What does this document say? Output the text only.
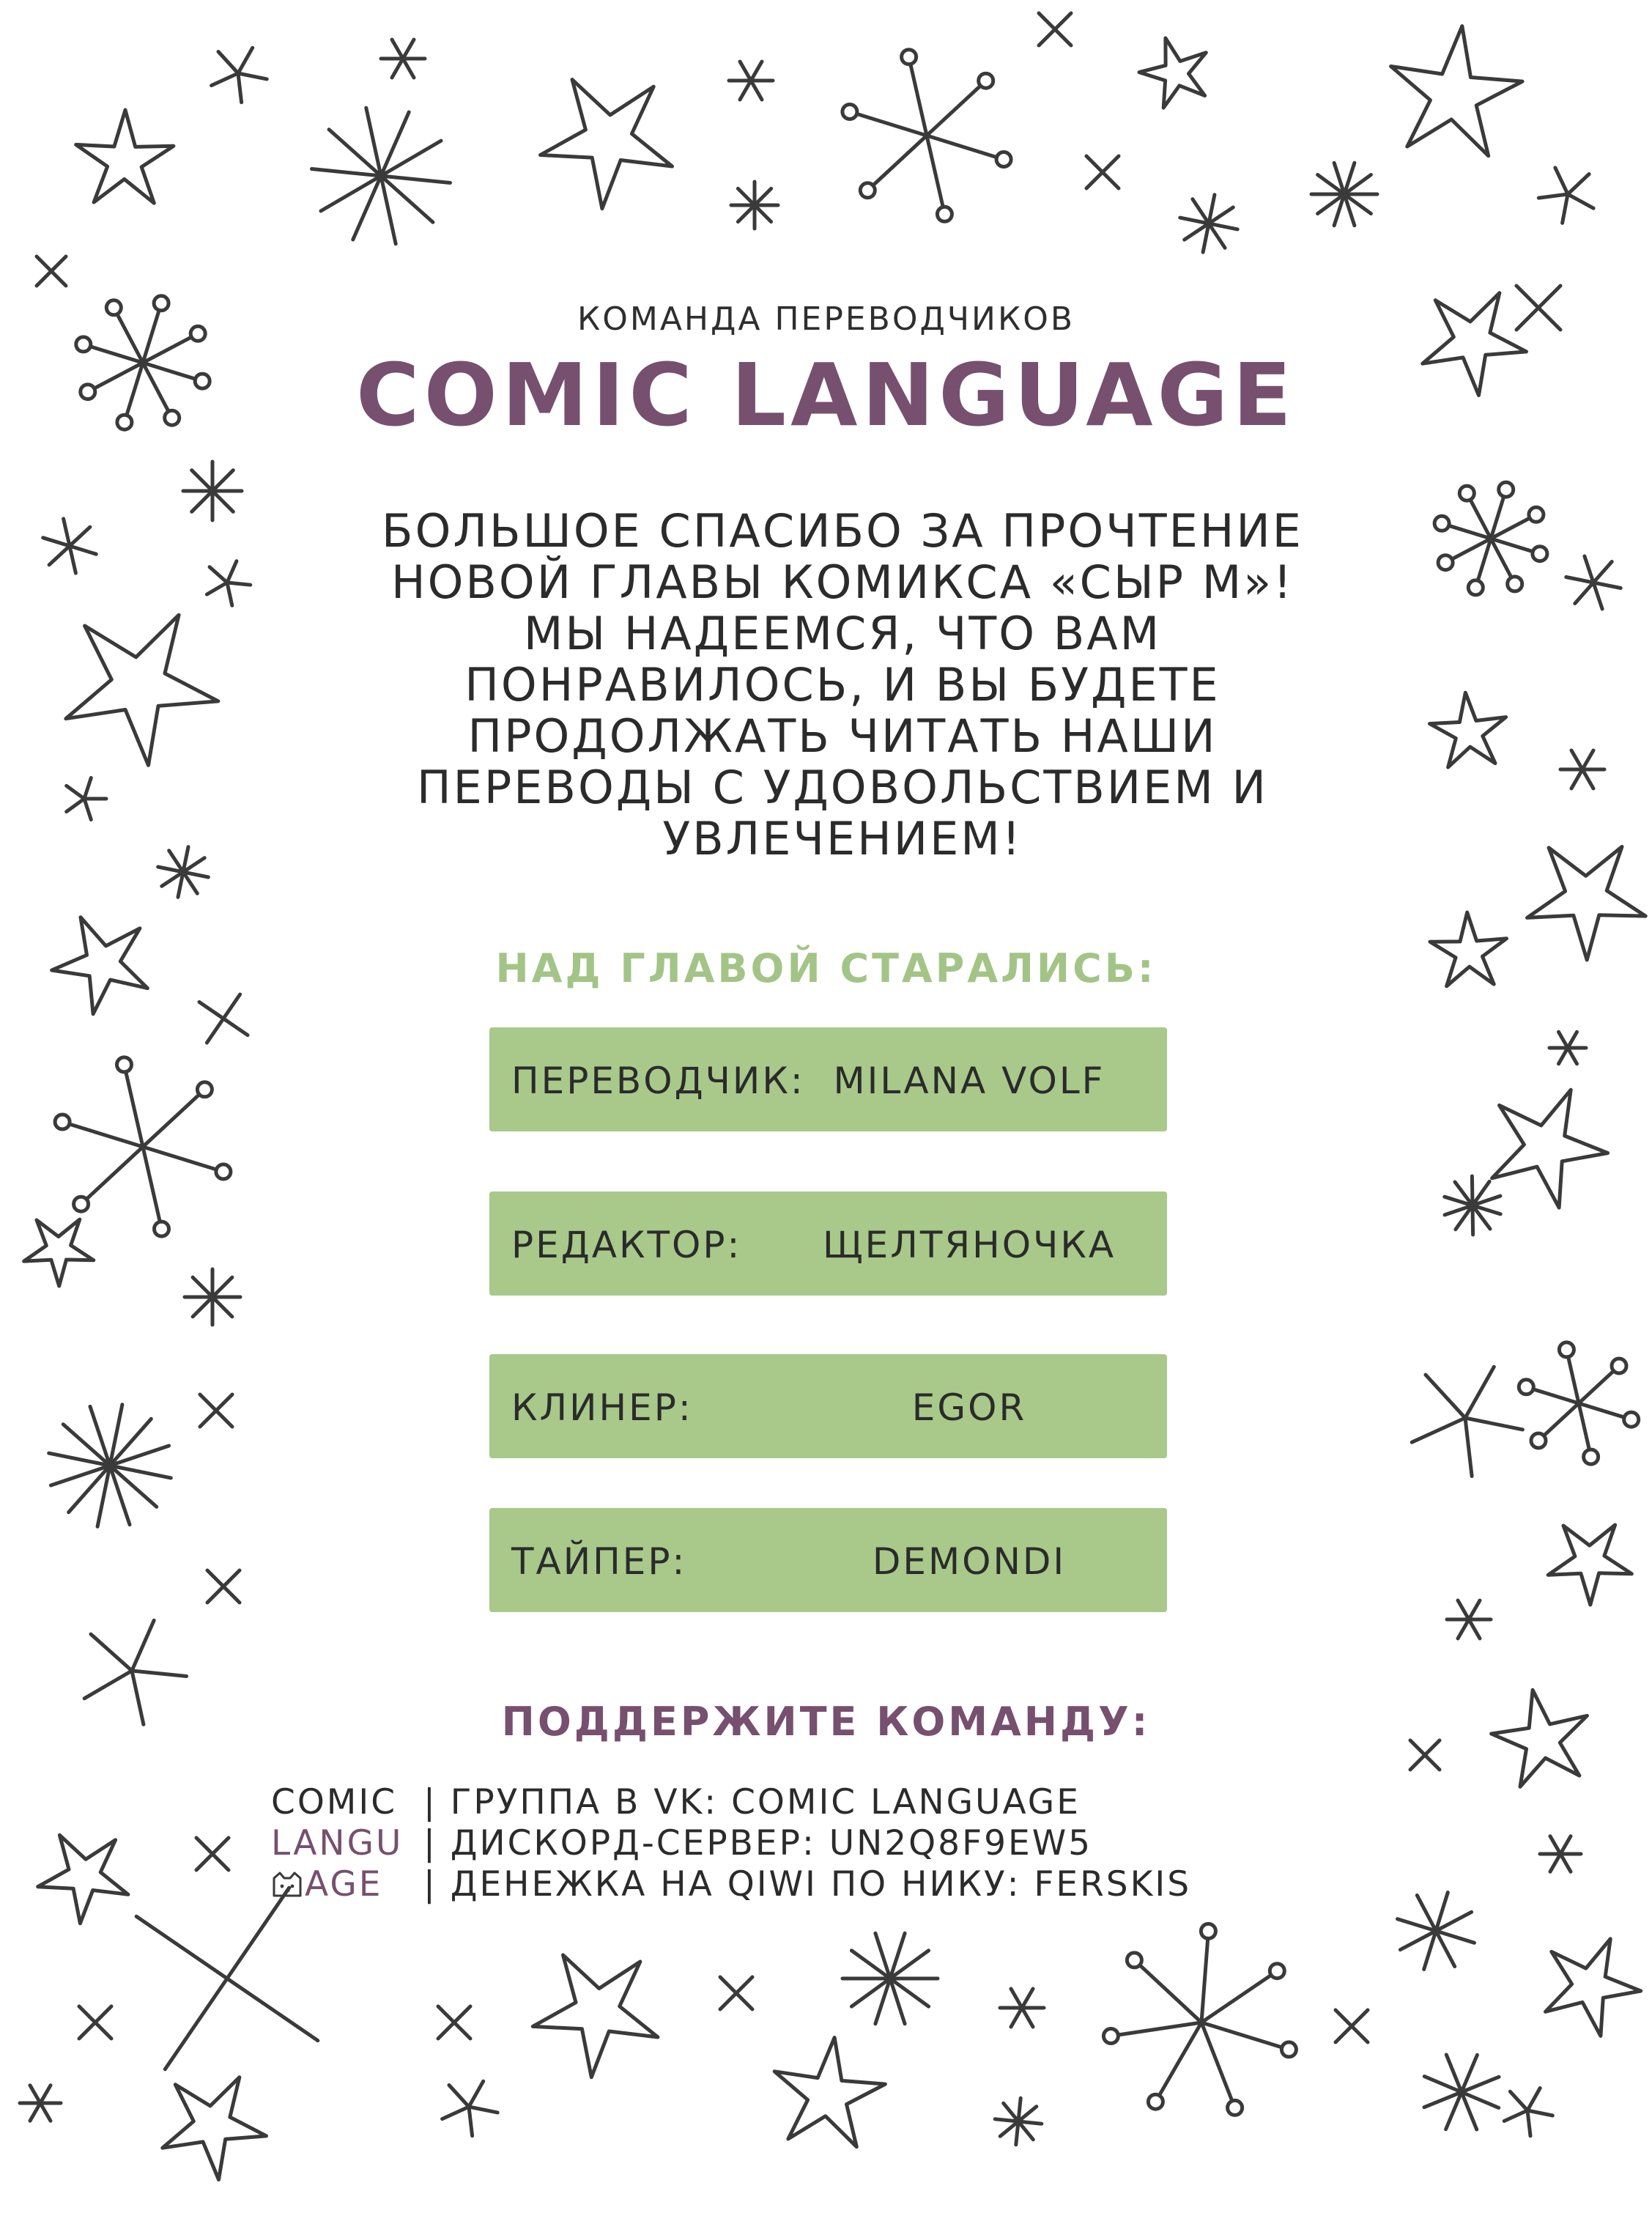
КОМАНДА ПЕРЕВОДЧИКОВ
COMIC LANGUAGE
БОЛЬШОЕ СПАСИБО ЗА ПРОЧТЕНИЕ НОВОЙ ГЛАВЫ КОМИКСА «СЫР М»! МЫ НАДЕЕМСЯ, ЧТО ВАМ ПОНРАВИЛОСЬ, И ВЫ БУДЕТЕ ПРОДОЛЖАТЬ ЧИТАТЬ НАШИ ПЕРЕВОДЫ С УДОВОЛЬСТВИЕМ И УВЛЕЧЕНИЕМ!
НАД ГЛАВОЙ СТАРАЛИСЬ:
ПЕРЕВОДЧИК: MILANA VOLF
РЕДАКТОР:	ЩЕЛТЯНОЧКА
КЛИНЕР:	EGOR
ТАЙПЕР:	DEMONDI
ПОДДЕРЖИТЕ КОМАНДУ:
COMIC | ГРУППА В VK: COMIC LANGUAGE
LANGU | ДИСКОРД-СЕРВЕР: UN2Q8F9EW5
AGE | ДЕНЕЖКА НА QIWI ПО НИКУ: FERSKIS
